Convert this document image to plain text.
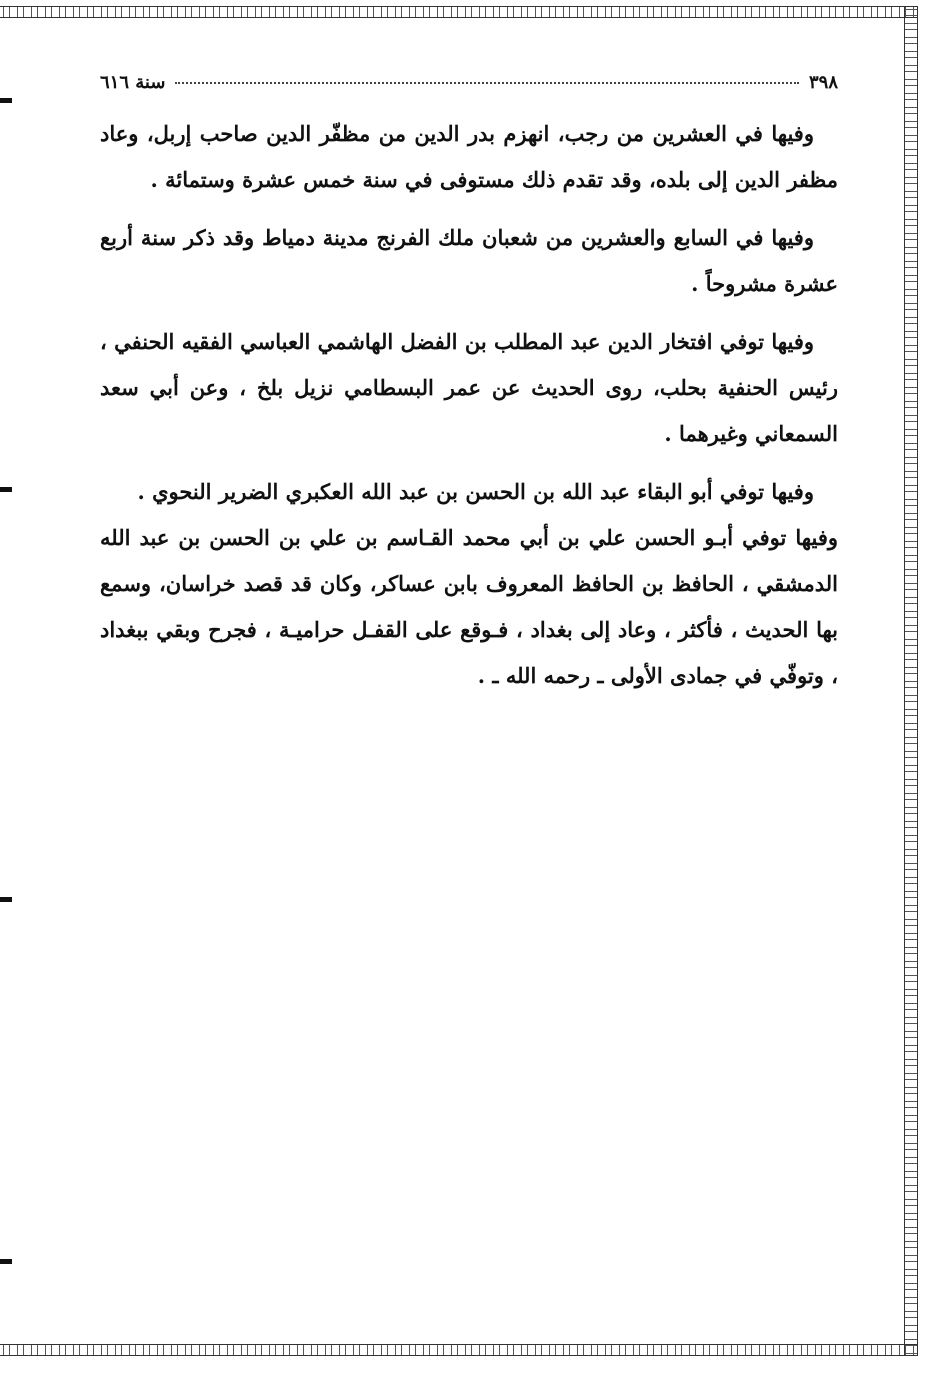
٣٩٨
سنة ٦١٦

وفيها في العشرين من رجب، انهزم بدر الدين من مظفّر الدين صاحب إربل، وعاد مظفر الدين إلى بلده، وقد تقدم ذلك مستوفى في سنة خمس عشرة وستمائة .

وفيها في السابع والعشرين من شعبان ملك الفرنج مدينة دمياط وقد ذكر سنة أربع عشرة مشروحاً .

وفيها توفي افتخار الدين عبد المطلب بن الفضل الهاشمي العباسي الفقيه الحنفي ، رئيس الحنفية بحلب، روى الحديث عن عمر البسطامي نزيل بلخ ، وعن أبي سعد السمعاني وغيرهما .

وفيها توفي أبو البقاء عبد الله بن الحسن بن عبد الله العكبري الضرير النحوي .

وفيها توفي أبـو الحسن علي بن أبي محمد القـاسم بن علي بن الحسن بن عبد الله الدمشقي ، الحافظ بن الحافظ المعروف بابن عساكر، وكان قد قصد خراسان، وسمع بها الحديث ، فأكثر ، وعاد إلى بغداد ، فـوقع على القفـل حراميـة ، فجرح وبقي ببغداد ، وتوفّي في جمادى الأولى ـ رحمه الله ـ .
